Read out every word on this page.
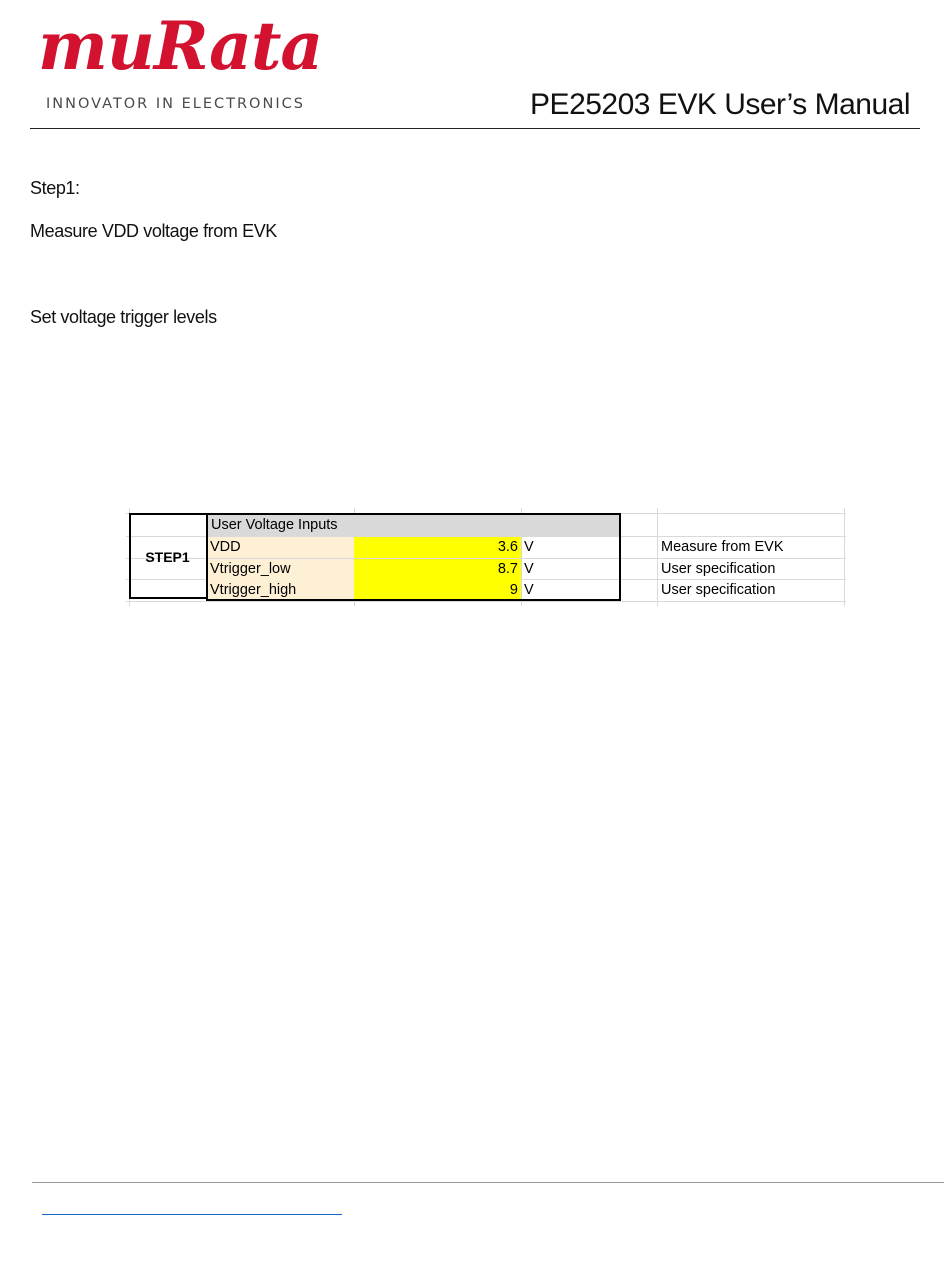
muRata
INNOVATOR IN ELECTRONICS	PE25203 EVK User’s Manual
Step1:
Measure VDD voltage from EVK
Set voltage trigger levels
User Voltage Inputs
VDD	3.6 V	Measure from EVK
Vtrigger_low	8.7 V	User specification
Vtrigger_high	9 V	User specification
STEP1
